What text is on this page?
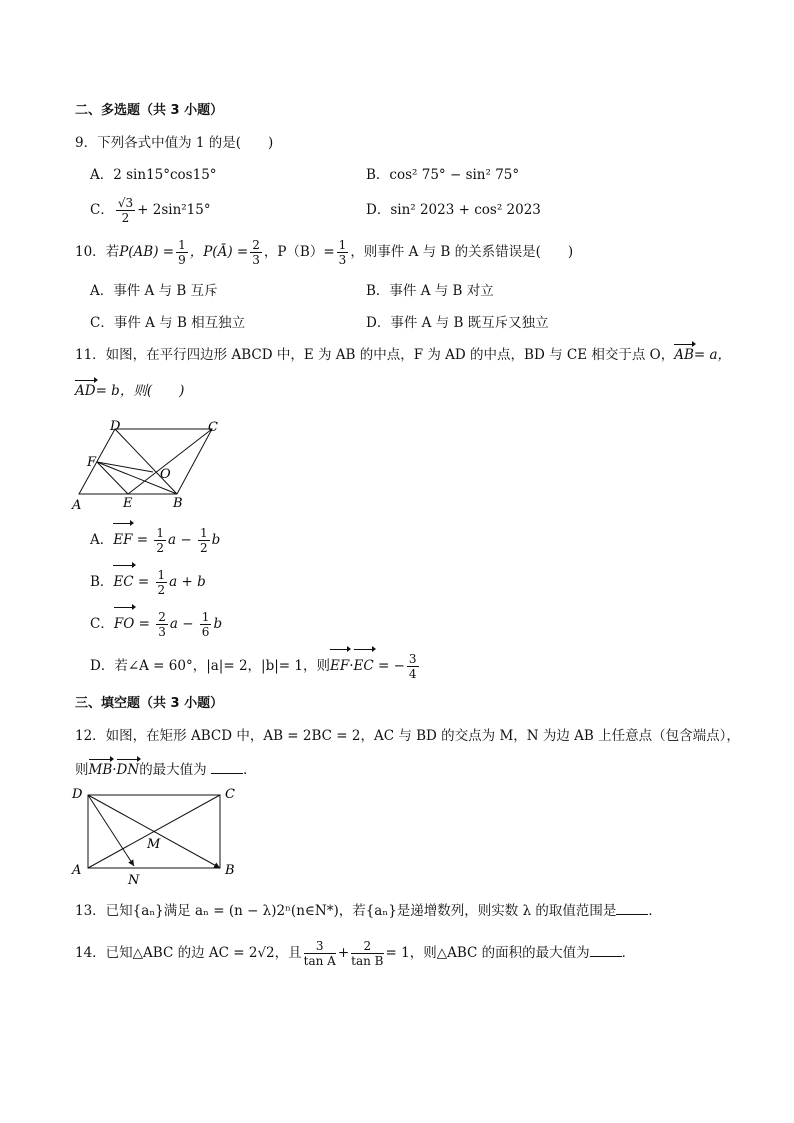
二、多选题（共 3 小题）
9．下列各式中值为 1 的是(　　)
A．2 sin15°cos15°	B．cos² 75° − sin² 75°
C． $\frac{√3}{2} + 2\sin^215^\circ$	D．sin² 2023 + cos² 2023
10．若$P(AB) = \frac{1}{9}$ ，P(Ā) = $\frac{2}{3}$ ，$P(B)= \frac{1}{3}$ ，则事件 A 与 B 的关系错误是(　　)
A．事件 A 与 B 互斥	B．事件 A 与 B 对立
C．事件 A 与 B 相互独立	D．事件 A 与 B 既互斥又独立
11．如图，在平行四边形 ABCD 中，E 为 AB 的中点，F 为 AD 的中点，BD 与 CE 相交于点 O，AB= a，
AD= b，则(　　)
D	C
F
O
A	E	B
A．EF = $\frac{1}{2}$ $a - \frac{1}{2}$ b
B．EC = $\frac{1}{2}$ a + b
C．FO = $\frac{2}{3}$ $a - \frac{1}{6}$ b
D．若∠A = 60°，|a|= 2，|b|= 1，则EF·EC = − $\frac{3}{4}$
三、填空题（共 3 小题）
12．如图，在矩形 ABCD 中，AB = 2BC = 2，AC 与 BD 的交点为 M，N 为边 AB 上任意点（包含端点），
则MB·DN的最大值为	．
D	C
M
A	B
N
13．已知{aₙ}满足 aₙ = (n − λ)2ⁿ(n∈N*)，若{aₙ}是递增数列，则实数 λ 的取值范围是 ．
14．已知△ABC 的边 AC = 2√2，且 $\frac{3}{\text{tan A}} + \frac{2}{\text{tan B}} = 1$，则△ABC 的面积的最大值为 ．
